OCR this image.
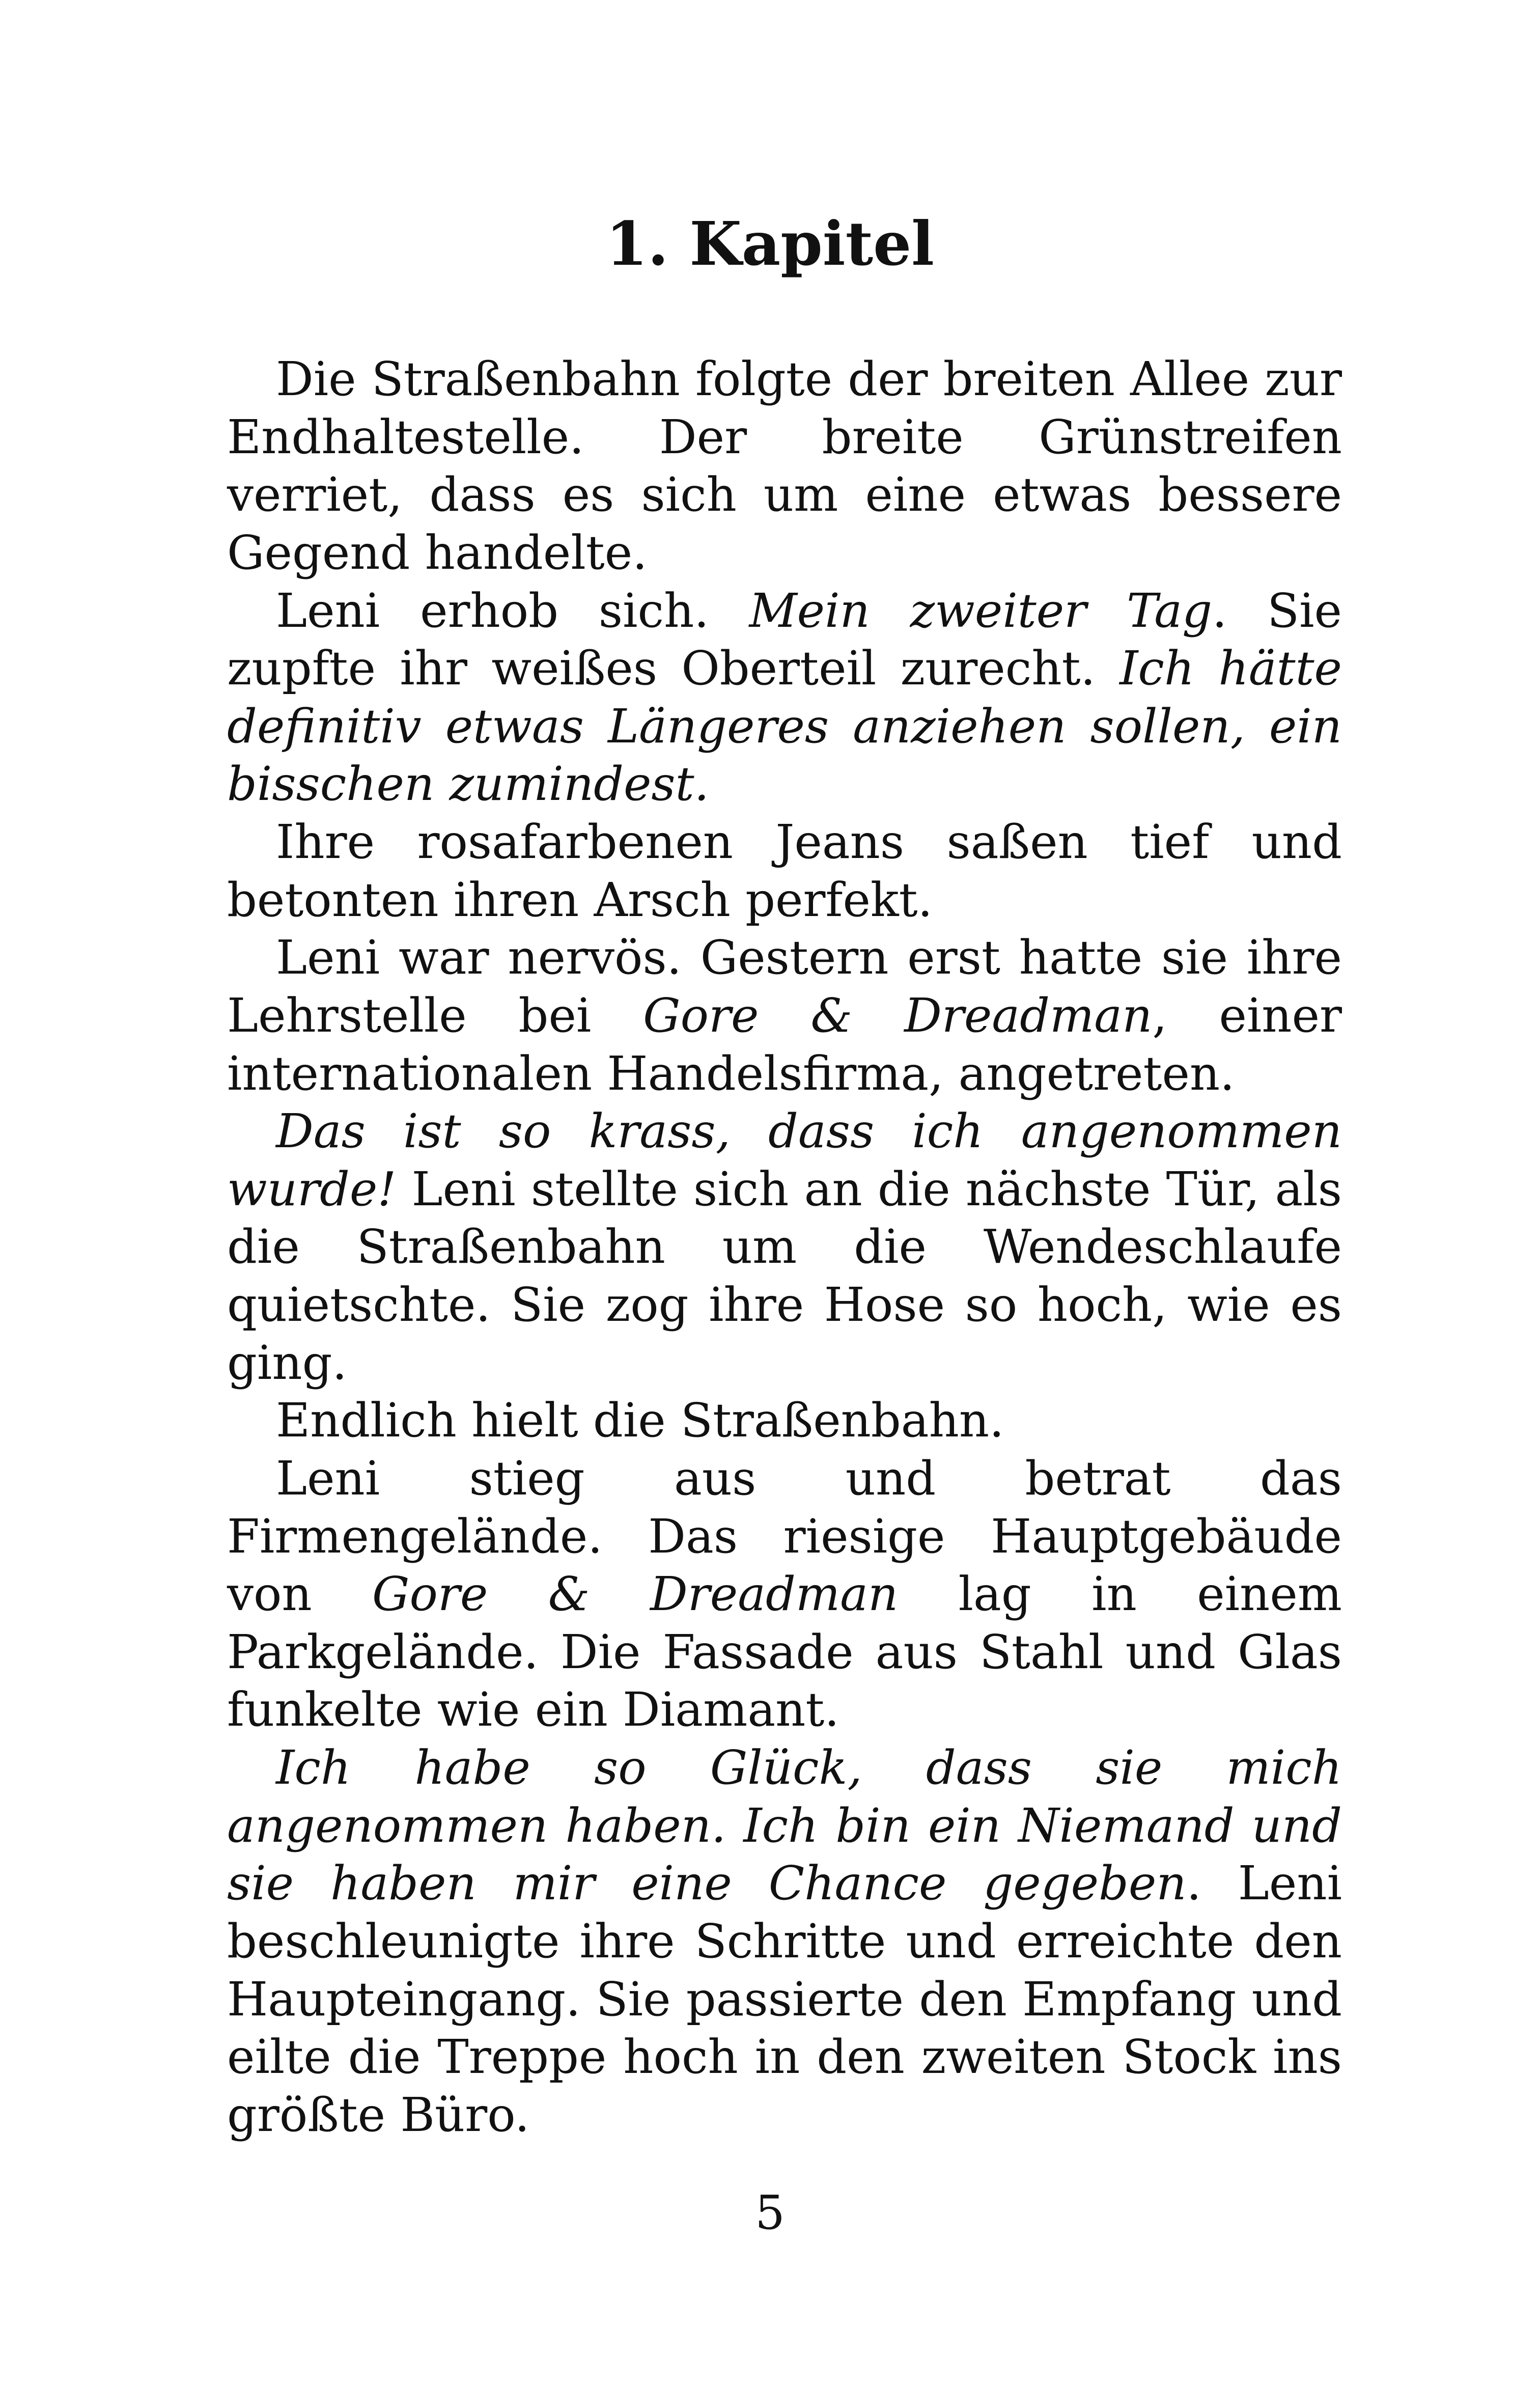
1. Kapitel

Die Straßenbahn folgte der breiten Allee zur Endhaltestelle. Der breite Grünstreifen verriet, dass es sich um eine etwas bessere Gegend handelte.

Leni erhob sich. Mein zweiter Tag. Sie zupfte ihr weißes Oberteil zurecht. Ich hätte definitiv etwas Längeres anziehen sollen, ein bisschen zumindest.

Ihre rosafarbenen Jeans saßen tief und betonten ihren Arsch perfekt.

Leni war nervös. Gestern erst hatte sie ihre Lehrstelle bei Gore & Dreadman, einer internationalen Handelsfirma, angetreten.

Das ist so krass, dass ich angenommen wurde! Leni stellte sich an die nächste Tür, als die Straßenbahn um die Wendeschlaufe quietschte. Sie zog ihre Hose so hoch, wie es ging.

Endlich hielt die Straßenbahn.

Leni stieg aus und betrat das Firmengelände. Das riesige Hauptgebäude von Gore & Dreadman lag in einem Parkgelände. Die Fassade aus Stahl und Glas funkelte wie ein Diamant.

Ich habe so Glück, dass sie mich angenommen haben. Ich bin ein Niemand und sie haben mir eine Chance gegeben. Leni beschleunigte ihre Schritte und erreichte den Haupteingang. Sie passierte den Empfang und eilte die Treppe hoch in den zweiten Stock ins größte Büro.

5
